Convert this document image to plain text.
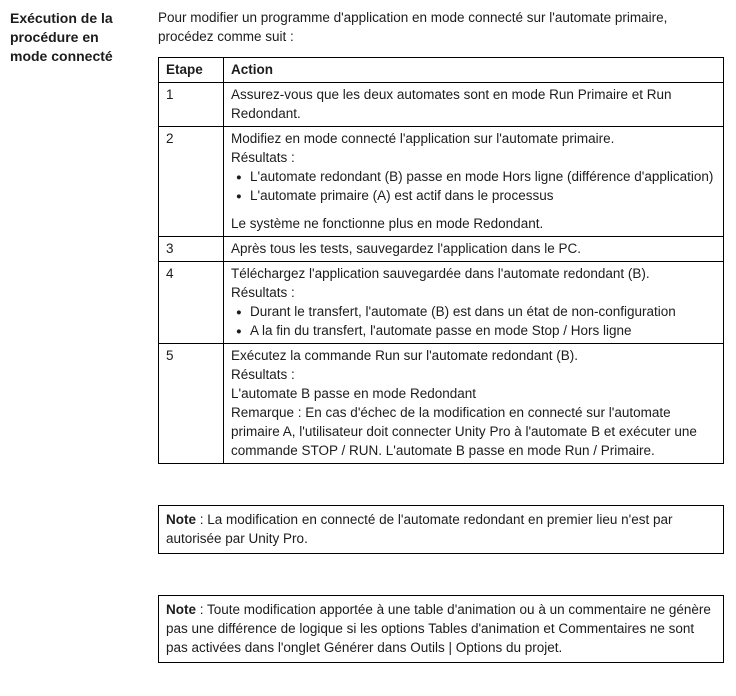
Exécution de la
procédure en
mode connecté
Pour modifier un programme d'application en mode connecté sur l'automate primaire, procédez comme suit :
Etape	Action
1	Assurez-vous que les deux automates sont en mode Run Primaire et Run Redondant.

2	Modifiez en mode connecté l'application sur l'automate primaire.
Résultats :
● L'automate redondant (B) passe en mode Hors ligne (différence d'application)
● L'automate primaire (A) est actif dans le processus
Le système ne fonctionne plus en mode Redondant.

3	Après tous les tests, sauvegardez l'application dans le PC.

4	Téléchargez l'application sauvegardée dans l'automate redondant (B).
Résultats :
● Durant le transfert, l'automate (B) est dans un état de non-configuration
● A la fin du transfert, l'automate passe en mode Stop / Hors ligne

5	Exécutez la commande Run sur l'automate redondant (B).
Résultats :
L'automate B passe en mode Redondant
Remarque : En cas d'échec de la modification en connecté sur l'automate primaire A, l'utilisateur doit connecter Unity Pro à l'automate B et exécuter une commande STOP / RUN. L'automate B passe en mode Run / Primaire.
Note : La modification en connecté de l'automate redondant en premier lieu n'est par autorisée par Unity Pro.
Note : Toute modification apportée à une table d'animation ou à un commentaire ne génère pas une différence de logique si les options Tables d'animation et Commentaires ne sont pas activées dans l'onglet Générer dans Outils | Options du projet.
